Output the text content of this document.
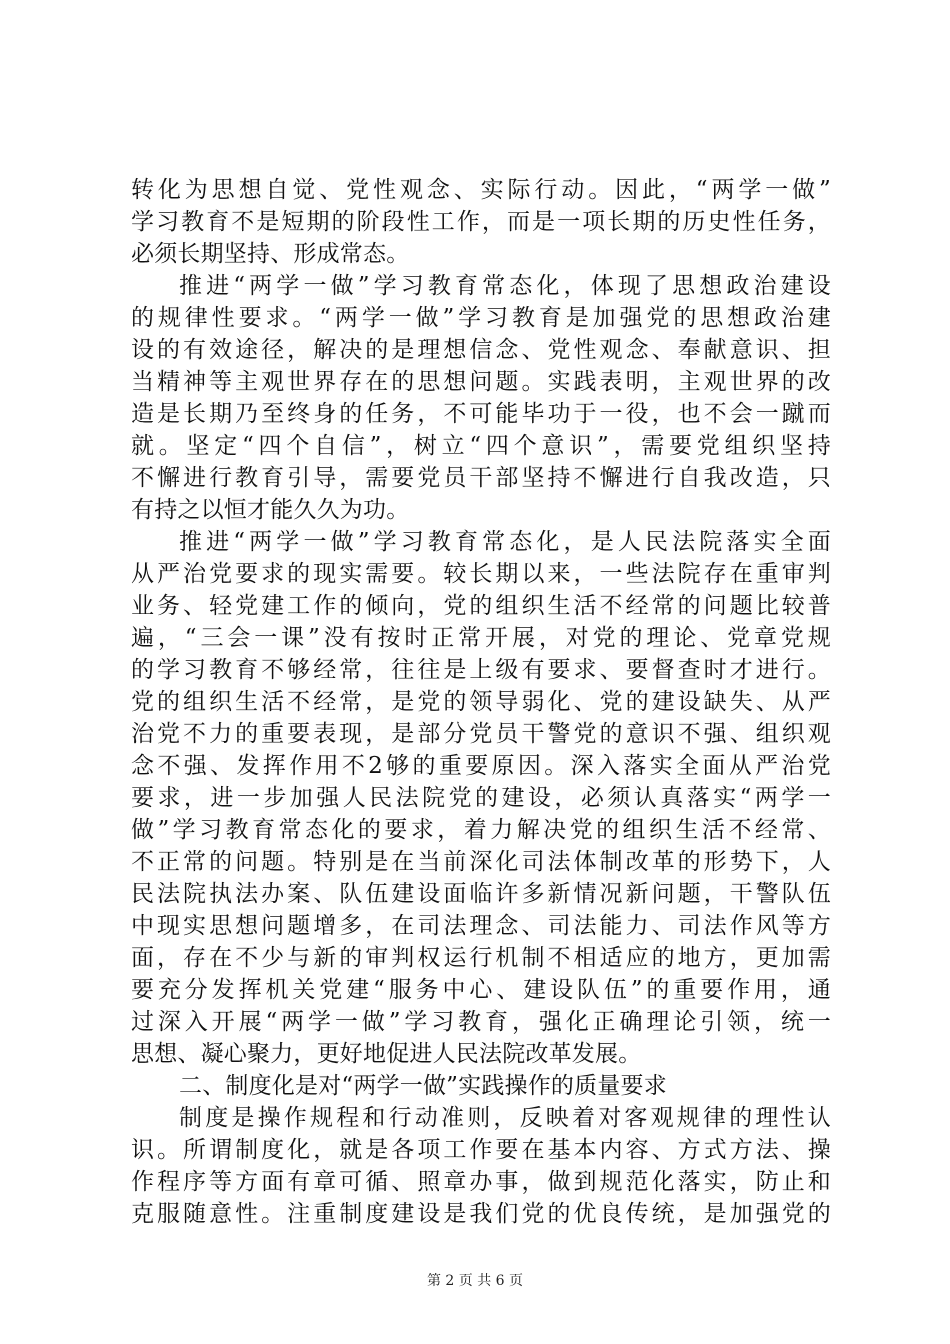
转化为思想自觉、党性观念、实际行动。因此，“两学一做”
学习教育不是短期的阶段性工作，而是一项长期的历史性任务，
必须长期坚持、形成常态。
推进“两学一做”学习教育常态化，体现了思想政治建设
的规律性要求。“两学一做”学习教育是加强党的思想政治建
设的有效途径，解决的是理想信念、党性观念、奉献意识、担
当精神等主观世界存在的思想问题。实践表明，主观世界的改
造是长期乃至终身的任务，不可能毕功于一役，也不会一蹴而
就。坚定“四个自信”，树立“四个意识”，需要党组织坚持
不懈进行教育引导，需要党员干部坚持不懈进行自我改造，只
有持之以恒才能久久为功。
推进“两学一做”学习教育常态化，是人民法院落实全面
从严治党要求的现实需要。较长期以来，一些法院存在重审判
业务、轻党建工作的倾向，党的组织生活不经常的问题比较普
遍，“三会一课”没有按时正常开展，对党的理论、党章党规
的学习教育不够经常，往往是上级有要求、要督查时才进行。
党的组织生活不经常，是党的领导弱化、党的建设缺失、从严
治党不力的重要表现，是部分党员干警党的意识不强、组织观
念不强、发挥作用不2够的重要原因。深入落实全面从严治党
要求，进一步加强人民法院党的建设，必须认真落实“两学一
做”学习教育常态化的要求，着力解决党的组织生活不经常、
不正常的问题。特别是在当前深化司法体制改革的形势下，人
民法院执法办案、队伍建设面临许多新情况新问题，干警队伍
中现实思想问题增多，在司法理念、司法能力、司法作风等方
面，存在不少与新的审判权运行机制不相适应的地方，更加需
要充分发挥机关党建“服务中心、建设队伍”的重要作用，通
过深入开展“两学一做”学习教育，强化正确理论引领，统一
思想、凝心聚力，更好地促进人民法院改革发展。
二、制度化是对“两学一做”实践操作的质量要求
制度是操作规程和行动准则，反映着对客观规律的理性认
识。所谓制度化，就是各项工作要在基本内容、方式方法、操
作程序等方面有章可循、照章办事，做到规范化落实，防止和
克服随意性。注重制度建设是我们党的优良传统，是加强党的
第 2 页 共 6 页
